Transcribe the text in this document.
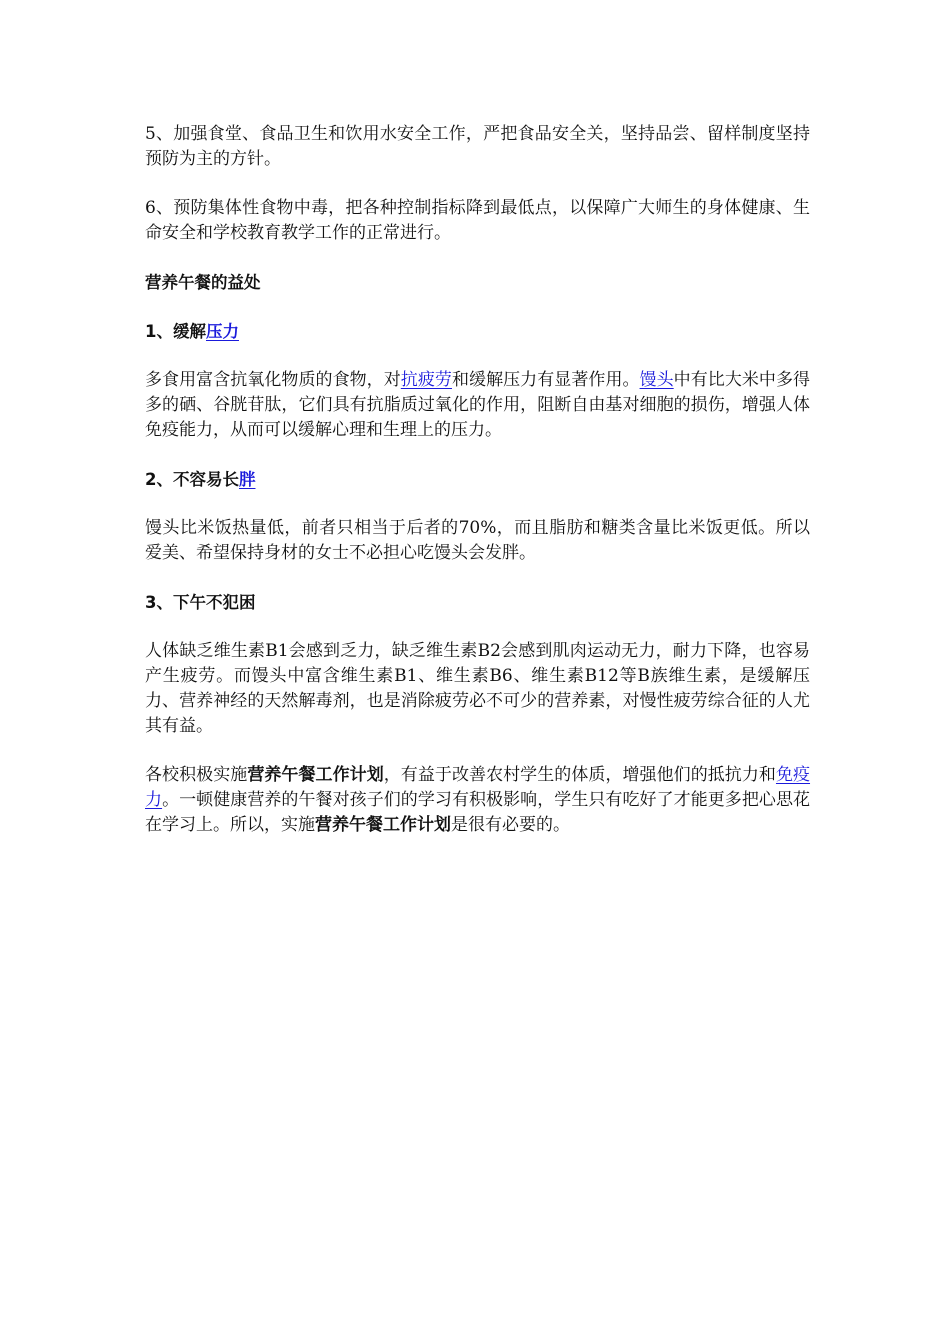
5、加强食堂、食品卫生和饮用水安全工作，严把食品安全关，坚持品尝、留样制度坚持预防为主的方针。

6、预防集体性食物中毒，把各种控制指标降到最低点，以保障广大师生的身体健康、生命安全和学校教育教学工作的正常进行。

营养午餐的益处

1、缓解压力

多食用富含抗氧化物质的食物，对抗疲劳和缓解压力有显著作用。馒头中有比大米中多得多的硒、谷胱苷肽，它们具有抗脂质过氧化的作用，阻断自由基对细胞的损伤，增强人体免疫能力，从而可以缓解心理和生理上的压力。

2、不容易长胖

馒头比米饭热量低，前者只相当于后者的70%，而且脂肪和糖类含量比米饭更低。所以爱美、希望保持身材的女士不必担心吃馒头会发胖。

3、下午不犯困

人体缺乏维生素B1会感到乏力，缺乏维生素B2会感到肌肉运动无力，耐力下降，也容易产生疲劳。而馒头中富含维生素B1、维生素B6、维生素B12等B族维生素，是缓解压力、营养神经的天然解毒剂，也是消除疲劳必不可少的营养素，对慢性疲劳综合征的人尤其有益。

各校积极实施营养午餐工作计划，有益于改善农村学生的体质，增强他们的抵抗力和免疫力。一顿健康营养的午餐对孩子们的学习有积极影响，学生只有吃好了才能更多把心思花在学习上。所以，实施营养午餐工作计划是很有必要的。
